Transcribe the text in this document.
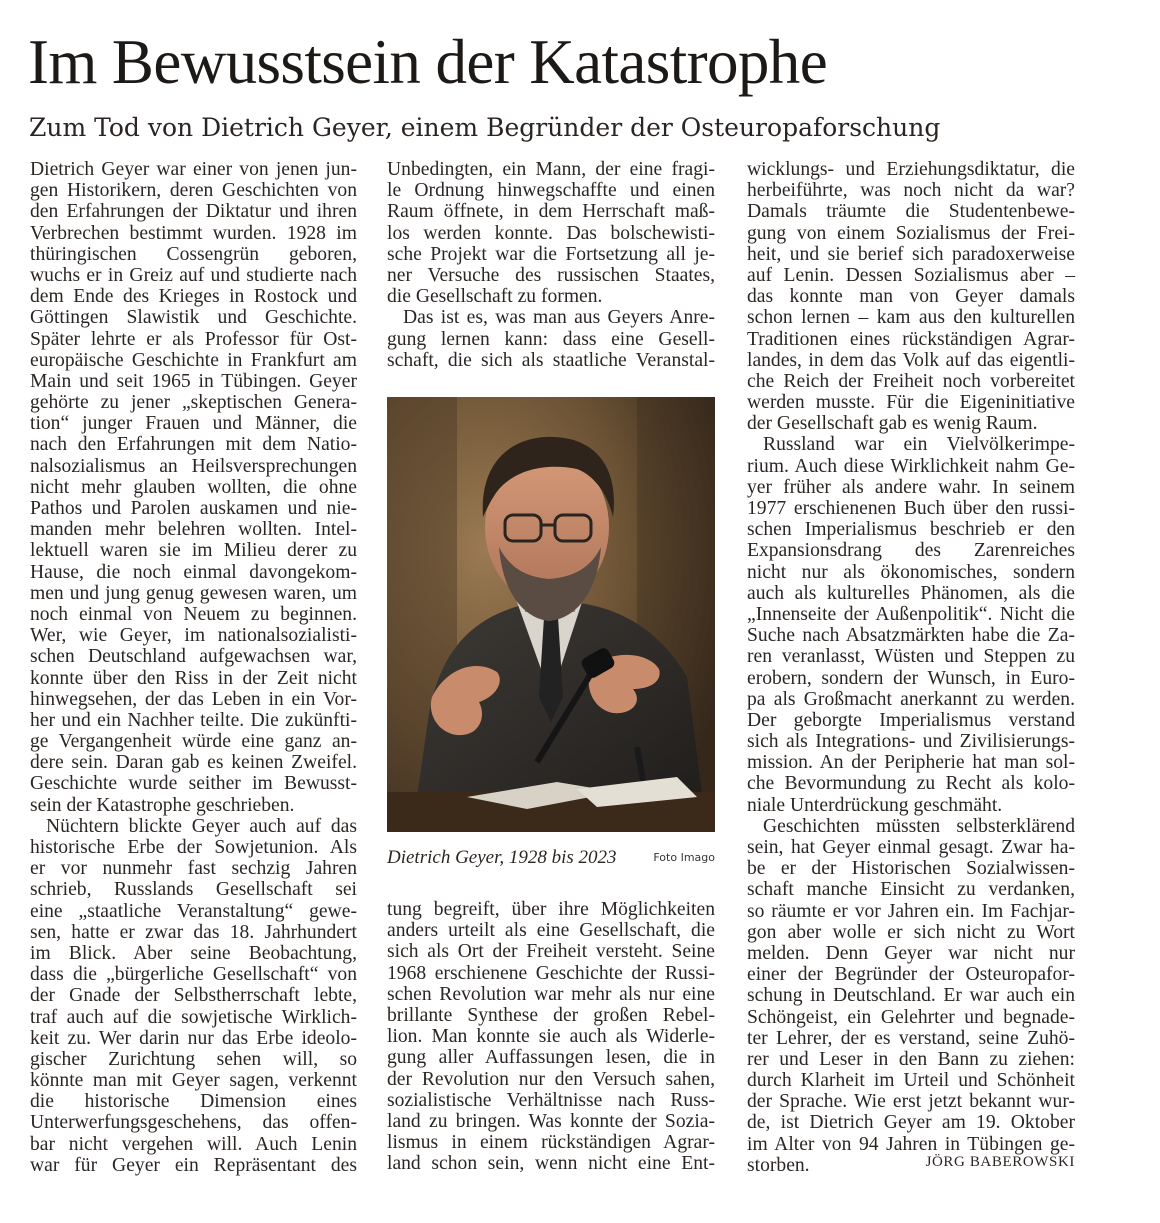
Im Bewusstsein der Katastrophe
Zum Tod von Dietrich Geyer, einem Begründer der Osteuropaforschung
Dietrich Geyer war einer von jenen jun-
gen Historikern, deren Geschichten von
den Erfahrungen der Diktatur und ihren
Verbrechen bestimmt wurden. 1928 im
thüringischen Cossengrün geboren,
wuchs er in Greiz auf und studierte nach
dem Ende des Krieges in Rostock und
Göttingen Slawistik und Geschichte.
Später lehrte er als Professor für Ost-
europäische Geschichte in Frankfurt am
Main und seit 1965 in Tübingen. Geyer
gehörte zu jener „skeptischen Genera-
tion“ junger Frauen und Männer, die
nach den Erfahrungen mit dem Natio-
nalsozialismus an Heilsversprechungen
nicht mehr glauben wollten, die ohne
Pathos und Parolen auskamen und nie-
manden mehr belehren wollten. Intel-
lektuell waren sie im Milieu derer zu
Hause, die noch einmal davongekom-
men und jung genug gewesen waren, um
noch einmal von Neuem zu beginnen.
Wer, wie Geyer, im nationalsozialisti-
schen Deutschland aufgewachsen war,
konnte über den Riss in der Zeit nicht
hinwegsehen, der das Leben in ein Vor-
her und ein Nachher teilte. Die zukünfti-
ge Vergangenheit würde eine ganz an-
dere sein. Daran gab es keinen Zweifel.
Geschichte wurde seither im Bewusst-
sein der Katastrophe geschrieben.
Nüchtern blickte Geyer auch auf das
historische Erbe der Sowjetunion. Als
er vor nunmehr fast sechzig Jahren
schrieb, Russlands Gesellschaft sei
eine „staatliche Veranstaltung“ gewe-
sen, hatte er zwar das 18. Jahrhundert
im Blick. Aber seine Beobachtung,
dass die „bürgerliche Gesellschaft“ von
der Gnade der Selbstherrschaft lebte,
traf auch auf die sowjetische Wirklich-
keit zu. Wer darin nur das Erbe ideolo-
gischer Zurichtung sehen will, so
könnte man mit Geyer sagen, verkennt
die historische Dimension eines
Unterwerfungsgeschehens, das offen-
bar nicht vergehen will. Auch Lenin
war für Geyer ein Repräsentant des
Unbedingten, ein Mann, der eine fragi-
le Ordnung hinwegschaffte und einen
Raum öffnete, in dem Herrschaft maß-
los werden konnte. Das bolschewisti-
sche Projekt war die Fortsetzung all je-
ner Versuche des russischen Staates,
die Gesellschaft zu formen.
Das ist es, was man aus Geyers Anre-
gung lernen kann: dass eine Gesell-
schaft, die sich als staatliche Veranstal-
Dietrich Geyer, 1928 bis 2023	Foto Imago
tung begreift, über ihre Möglichkeiten
anders urteilt als eine Gesellschaft, die
sich als Ort der Freiheit versteht. Seine
1968 erschienene Geschichte der Russi-
schen Revolution war mehr als nur eine
brillante Synthese der großen Rebel-
lion. Man konnte sie auch als Widerle-
gung aller Auffassungen lesen, die in
der Revolution nur den Versuch sahen,
sozialistische Verhältnisse nach Russ-
land zu bringen. Was konnte der Sozia-
lismus in einem rückständigen Agrar-
land schon sein, wenn nicht eine Ent-
wicklungs- und Erziehungsdiktatur, die
herbeiführte, was noch nicht da war?
Damals träumte die Studentenbewe-
gung von einem Sozialismus der Frei-
heit, und sie berief sich paradoxerweise
auf Lenin. Dessen Sozialismus aber –
das konnte man von Geyer damals
schon lernen – kam aus den kulturellen
Traditionen eines rückständigen Agrar-
landes, in dem das Volk auf das eigentli-
che Reich der Freiheit noch vorbereitet
werden musste. Für die Eigeninitiative
der Gesellschaft gab es wenig Raum.
Russland war ein Vielvölkerimpe-
rium. Auch diese Wirklichkeit nahm Ge-
yer früher als andere wahr. In seinem
1977 erschienenen Buch über den russi-
schen Imperialismus beschrieb er den
Expansionsdrang des Zarenreiches
nicht nur als ökonomisches, sondern
auch als kulturelles Phänomen, als die
„Innenseite der Außenpolitik“. Nicht die
Suche nach Absatzmärkten habe die Za-
ren veranlasst, Wüsten und Steppen zu
erobern, sondern der Wunsch, in Euro-
pa als Großmacht anerkannt zu werden.
Der geborgte Imperialismus verstand
sich als Integrations- und Zivilisierungs-
mission. An der Peripherie hat man sol-
che Bevormundung zu Recht als kolo-
niale Unterdrückung geschmäht.
Geschichten müssten selbsterklärend
sein, hat Geyer einmal gesagt. Zwar ha-
be er der Historischen Sozialwissen-
schaft manche Einsicht zu verdanken,
so räumte er vor Jahren ein. Im Fachjar-
gon aber wolle er sich nicht zu Wort
melden. Denn Geyer war nicht nur
einer der Begründer der Osteuropafor-
schung in Deutschland. Er war auch ein
Schöngeist, ein Gelehrter und begnade-
ter Lehrer, der es verstand, seine Zuhö-
rer und Leser in den Bann zu ziehen:
durch Klarheit im Urteil und Schönheit
der Sprache. Wie erst jetzt bekannt wur-
de, ist Dietrich Geyer am 19. Oktober
im Alter von 94 Jahren in Tübingen ge-
storben.	JÖRG BABEROWSKI
